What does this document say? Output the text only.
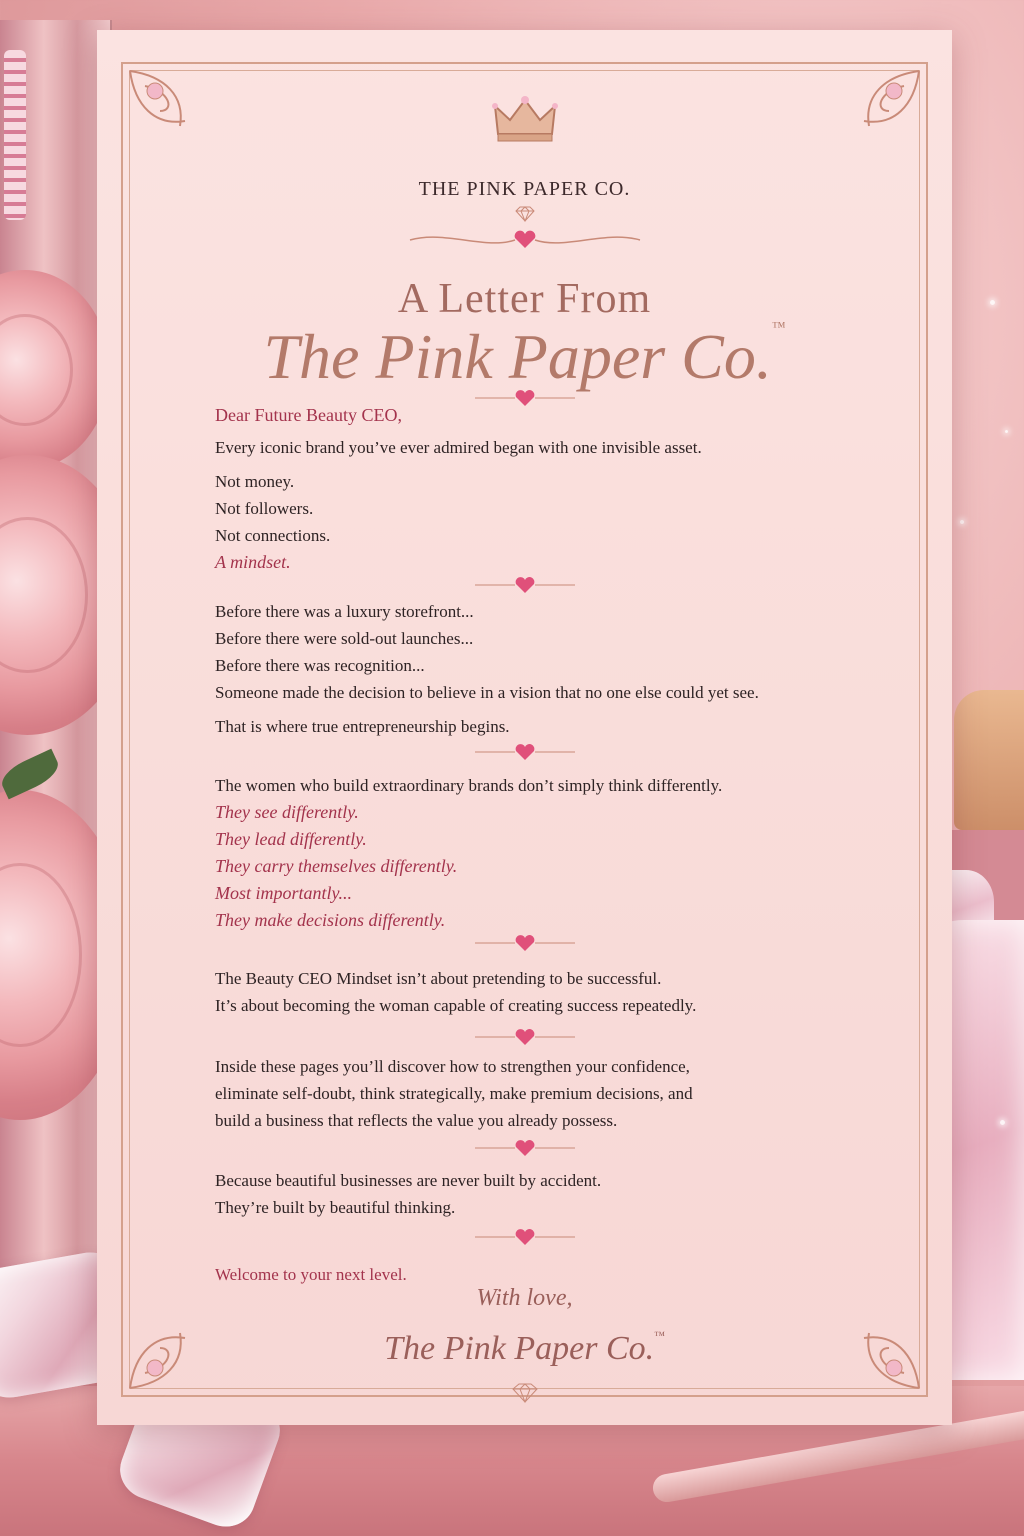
THE PINK PAPER CO.
A Letter From
The Pink Paper Co.™

Dear Future Beauty CEO,

Every iconic brand you’ve ever admired began with one invisible asset.

Not money.

Not followers.

Not connections.

A mindset.

Before there was a luxury storefront...

Before there were sold-out launches...

Before there was recognition...

Someone made the decision to believe in a vision that no one else could yet see.

That is where true entrepreneurship begins.

The women who build extraordinary brands don’t simply think differently.

They see differently.

They lead differently.

They carry themselves differently.

Most importantly...

They make decisions differently.

The Beauty CEO Mindset isn’t about pretending to be successful.

It’s about becoming the woman capable of creating success repeatedly.

Inside these pages you’ll discover how to strengthen your confidence,

eliminate self-doubt, think strategically, make premium decisions, and

build a business that reflects the value you already possess.

Because beautiful businesses are never built by accident.

They’re built by beautiful thinking.

Welcome to your next level.
With love,
The Pink Paper Co.™
